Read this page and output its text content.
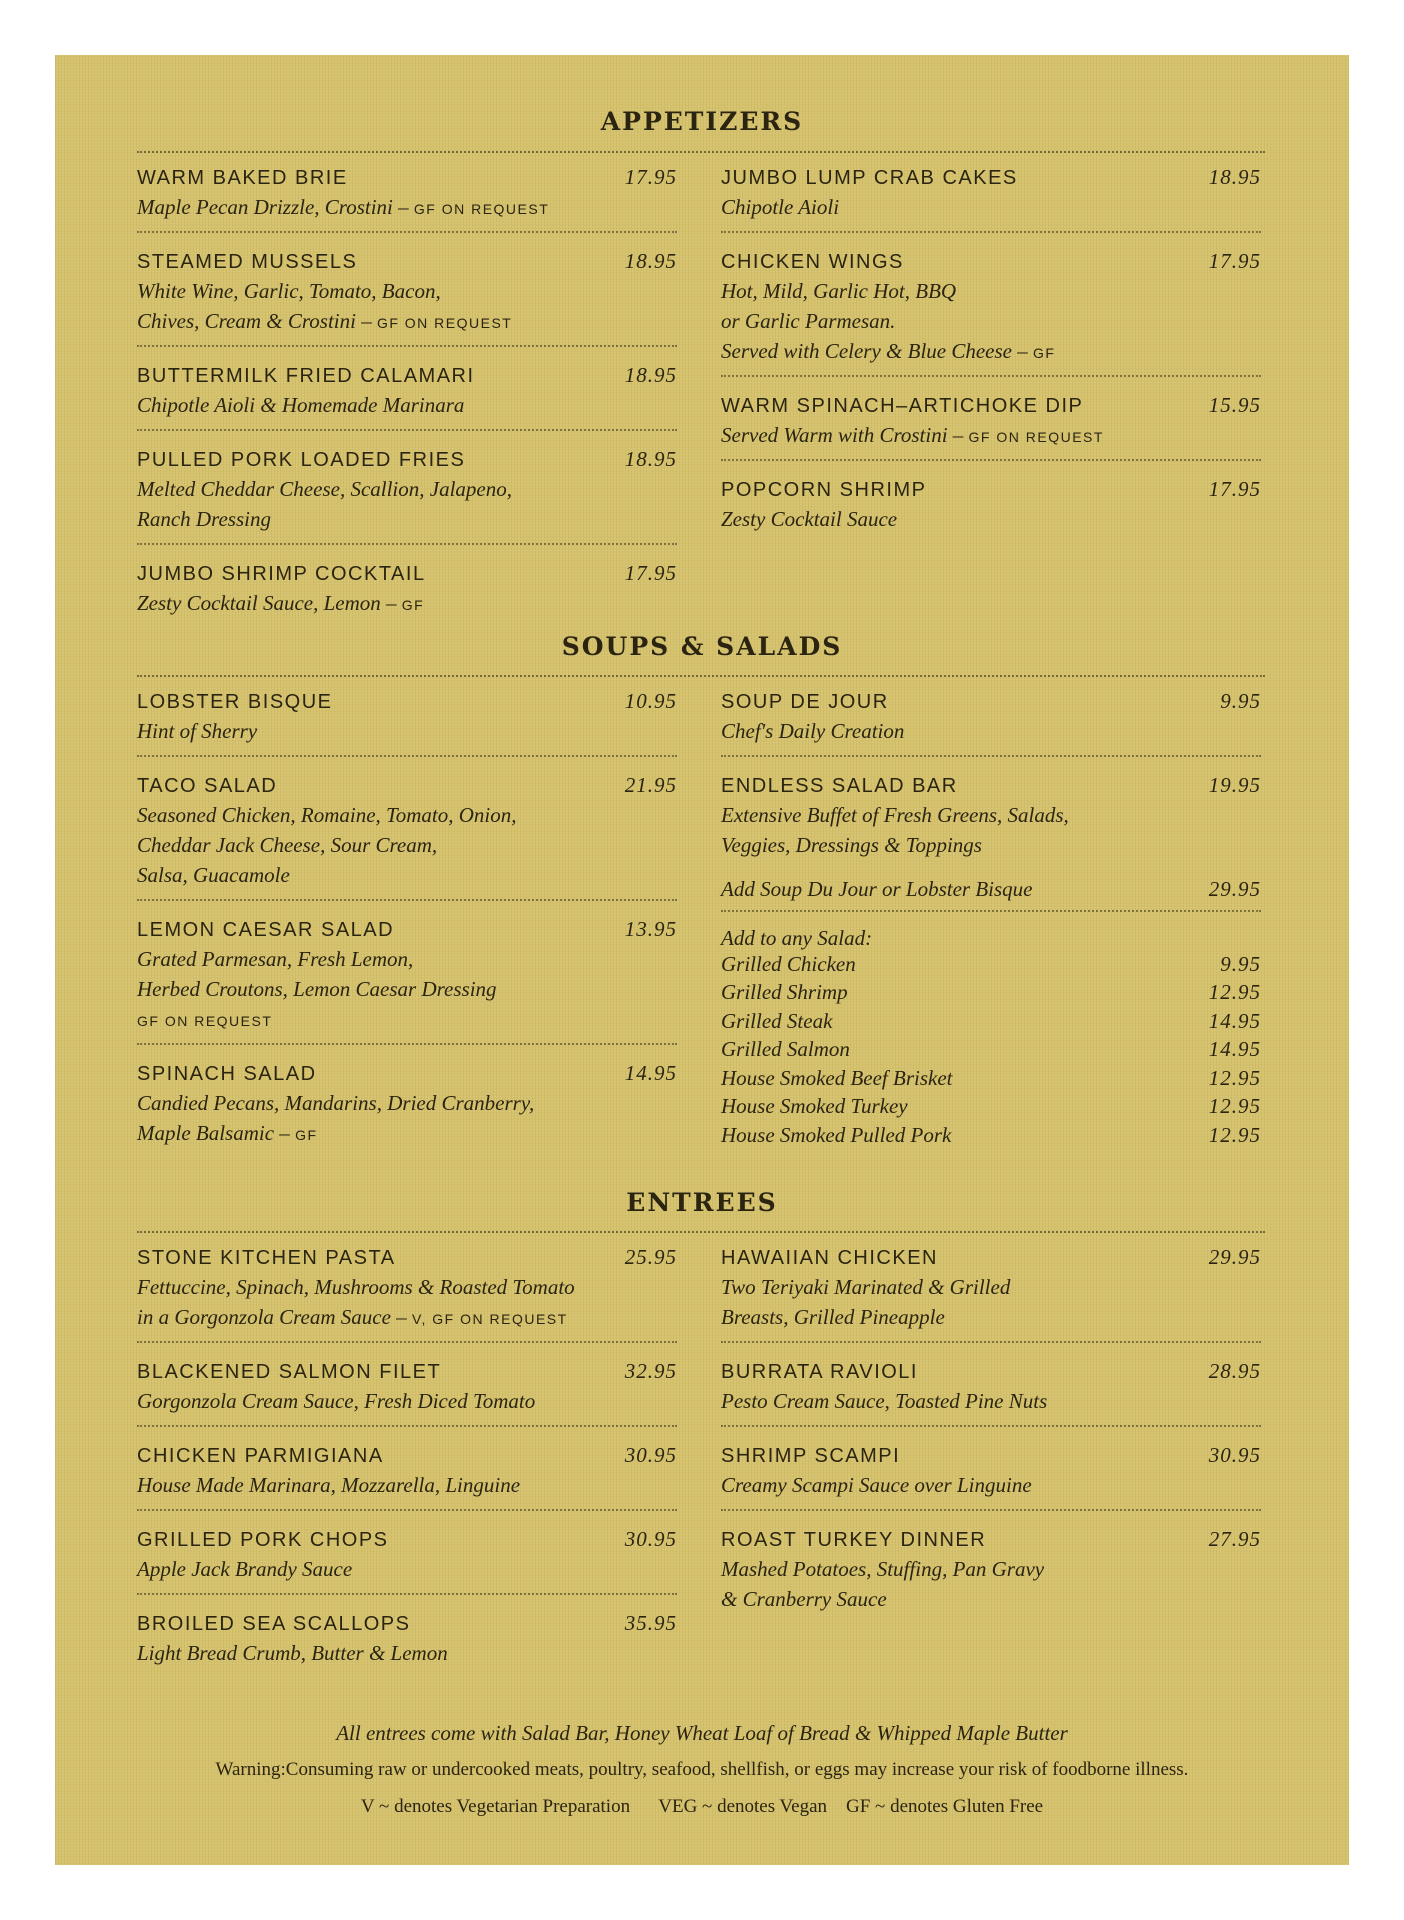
APPETIZERS
WARM BAKED BRIE	17.95
Maple Pecan Drizzle, Crostini – GF ON REQUEST
STEAMED MUSSELS	18.95
White Wine, Garlic, Tomato, Bacon,
Chives, Cream & Crostini – GF ON REQUEST
BUTTERMILK FRIED CALAMARI	18.95
Chipotle Aioli & Homemade Marinara
PULLED PORK LOADED FRIES	18.95
Melted Cheddar Cheese, Scallion, Jalapeno,
Ranch Dressing
JUMBO SHRIMP COCKTAIL	17.95
Zesty Cocktail Sauce, Lemon – GF
JUMBO LUMP CRAB CAKES	18.95
Chipotle Aioli
CHICKEN WINGS	17.95
Hot, Mild, Garlic Hot, BBQ
or Garlic Parmesan.
Served with Celery & Blue Cheese – GF
WARM SPINACH–ARTICHOKE DIP	15.95
Served Warm with Crostini – GF ON REQUEST
POPCORN SHRIMP	17.95
Zesty Cocktail Sauce
SOUPS & SALADS
LOBSTER BISQUE	10.95
Hint of Sherry
TACO SALAD	21.95
Seasoned Chicken, Romaine, Tomato, Onion,
Cheddar Jack Cheese, Sour Cream,
Salsa, Guacamole
LEMON CAESAR SALAD	13.95
Grated Parmesan, Fresh Lemon,
Herbed Croutons, Lemon Caesar Dressing
GF ON REQUEST
SPINACH SALAD	14.95
Candied Pecans, Mandarins, Dried Cranberry,
Maple Balsamic – GF
SOUP DE JOUR	9.95
Chef's Daily Creation
ENDLESS SALAD BAR	19.95
Extensive Buffet of Fresh Greens, Salads,
Veggies, Dressings & Toppings
Add Soup Du Jour or Lobster Bisque	29.95
Add to any Salad:
Grilled Chicken	9.95
Grilled Shrimp	12.95
Grilled Steak	14.95
Grilled Salmon	14.95
House Smoked Beef Brisket	12.95
House Smoked Turkey	12.95
House Smoked Pulled Pork	12.95
ENTREES
STONE KITCHEN PASTA	25.95
Fettuccine, Spinach, Mushrooms & Roasted Tomato
in a Gorgonzola Cream Sauce – V, GF ON REQUEST
BLACKENED SALMON FILET	32.95
Gorgonzola Cream Sauce, Fresh Diced Tomato
CHICKEN PARMIGIANA	30.95
House Made Marinara, Mozzarella, Linguine
GRILLED PORK CHOPS	30.95
Apple Jack Brandy Sauce
BROILED SEA SCALLOPS	35.95
Light Bread Crumb, Butter & Lemon
HAWAIIAN CHICKEN	29.95
Two Teriyaki Marinated & Grilled
Breasts, Grilled Pineapple
BURRATA RAVIOLI	28.95
Pesto Cream Sauce, Toasted Pine Nuts
SHRIMP SCAMPI	30.95
Creamy Scampi Sauce over Linguine
ROAST TURKEY DINNER	27.95
Mashed Potatoes, Stuffing, Pan Gravy
& Cranberry Sauce
All entrees come with Salad Bar, Honey Wheat Loaf of Bread & Whipped Maple Butter
Warning:Consuming raw or undercooked meats, poultry, seafood, shellfish, or eggs may increase your risk of foodborne illness.
V ~ denotes Vegetarian Preparation      VEG ~ denotes Vegan    GF ~ denotes Gluten Free
